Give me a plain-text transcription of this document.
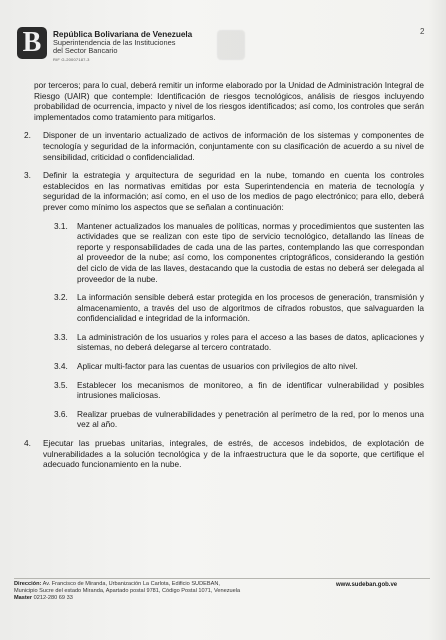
B República Bolivariana de Venezuela
Superintendencia de las Instituciones
del Sector Bancario
RIF G-20007187-3
2

por terceros; para lo cual, deberá remitir un informe elaborado por la Unidad de Administración Integral de Riesgo (UAIR) que contemple: Identificación de riesgos tecnológicos, análisis de riesgos incluyendo probabilidad de ocurrencia, impacto y nivel de los riesgos identificados; así como, los controles que serán implementados como tratamiento para mitigarlos.

2. Disponer de un inventario actualizado de activos de información de los sistemas y componentes de tecnología y seguridad de la información, conjuntamente con su clasificación de acuerdo a su nivel de sensibilidad, criticidad o confidencialidad.

3. Definir la estrategia y arquitectura de seguridad en la nube, tomando en cuenta los controles establecidos en las normativas emitidas por esta Superintendencia en materia de tecnología y seguridad de la información; así como, en el uso de los medios de pago electrónico; para ello, deberá prever como mínimo los aspectos que se señalan a continuación:

3.1. Mantener actualizados los manuales de políticas, normas y procedimientos que sustenten las actividades que se realizan con este tipo de servicio tecnológico, detallando las líneas de reporte y responsabilidades de cada una de las partes, contemplando las que correspondan al proveedor de la nube; así como, los componentes criptográficos, considerando la gestión del ciclo de vida de las llaves, destacando que la custodia de estas no deberá ser delegada al proveedor de la nube.

3.2. La información sensible deberá estar protegida en los procesos de generación, transmisión y almacenamiento, a través del uso de algoritmos de cifrados robustos, que salvaguarden la confidencialidad e integridad de la información.

3.3. La administración de los usuarios y roles para el acceso a las bases de datos, aplicaciones y sistemas, no deberá delegarse al tercero contratado.

3.4. Aplicar multi-factor para las cuentas de usuarios con privilegios de alto nivel.

3.5. Establecer los mecanismos de monitoreo, a fin de identificar vulnerabilidad y posibles intrusiones maliciosas.

3.6. Realizar pruebas de vulnerabilidades y penetración al perímetro de la red, por lo menos una vez al año.

4. Ejecutar las pruebas unitarias, integrales, de estrés, de accesos indebidos, de explotación de vulnerabilidades a la solución tecnológica y de la infraestructura que le da soporte, que certifique el adecuado funcionamiento en la nube.

Dirección: Av. Francisco de Miranda, Urbanización La Carlota, Edificio SUDEBAN,
Municipio Sucre del estado Miranda, Apartado postal 9781, Código Postal 1071, Venezuela
Master 0212-280 69 33
www.sudeban.gob.ve
